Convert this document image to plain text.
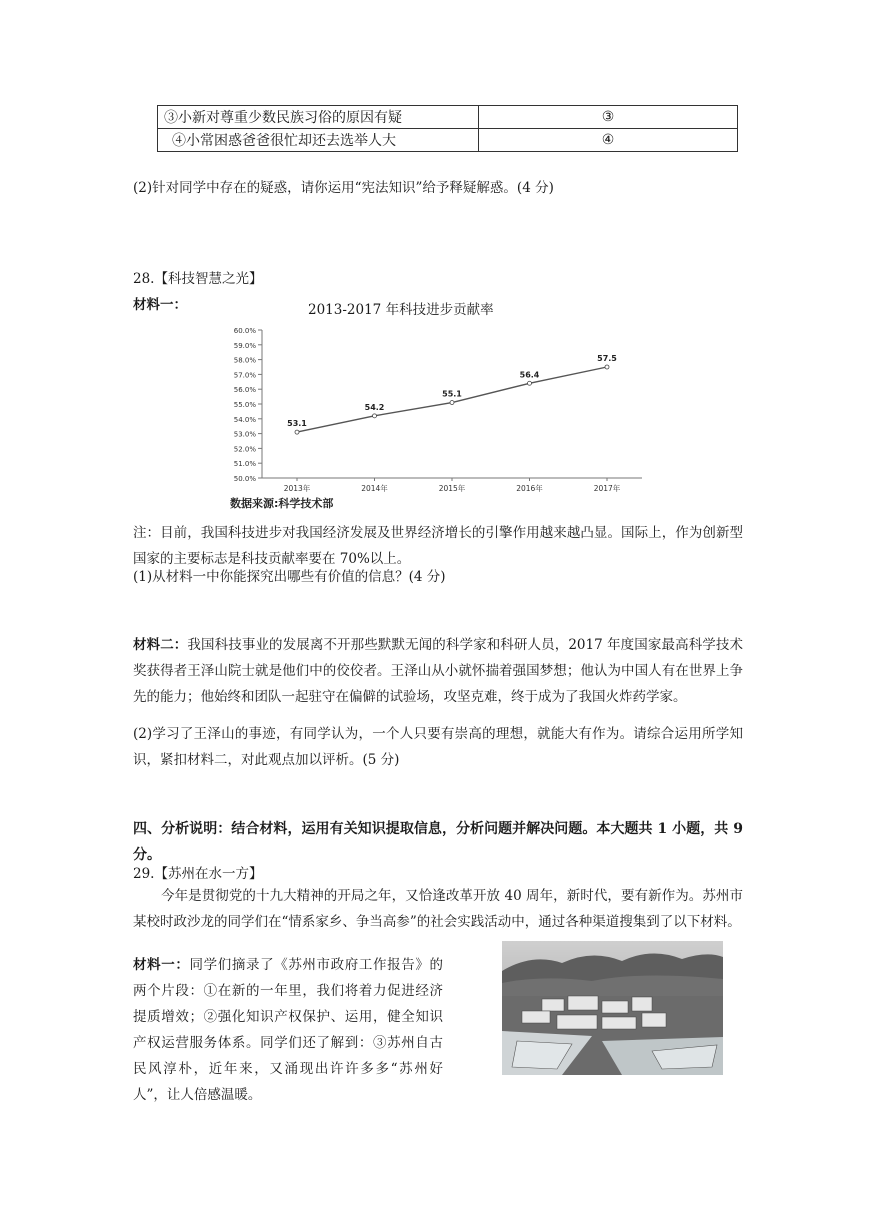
③小新对尊重少数民族习俗的原因有疑	③
④小常困惑爸爸很忙却还去选举人大	④
(2)针对同学中存在的疑惑，请你运用“宪法知识”给予释疑解惑。(4 分)
28.【科技智慧之光】
材料一：	2013-2017 年科技进步贡献率
50.0%
51.0%
52.0%
53.0%
54.0%
55.0%
56.0%
57.0%
58.0%
59.0%
60.0%
2013年	2014年	2015年	2016年	2017年
53.1
54.2
55.1
56.4
57.5
数据来源:科学技术部
注：目前，我国科技进步对我国经济发展及世界经济增长的引擎作用越来越凸显。国际上，作为创新型国家的主要标志是科技贡献率要在 70%以上。
(1)从材料一中你能探究出哪些有价值的信息？(4 分)
材料二：我国科技事业的发展离不开那些默默无闻的科学家和科研人员，2017 年度国家最高科学技术奖获得者王泽山院士就是他们中的佼佼者。王泽山从小就怀揣着强国梦想；他认为中国人有在世界上争先的能力；他始终和团队一起驻守在偏僻的试验场，攻坚克难，终于成为了我国火炸药学家。
(2)学习了王泽山的事迹，有同学认为，一个人只要有崇高的理想，就能大有作为。请综合运用所学知识，紧扣材料二，对此观点加以评析。(5 分)
四、分析说明：结合材料，运用有关知识提取信息，分析问题并解决问题。本大题共 1 小题，共 9 分。
29.【苏州在水一方】
今年是贯彻党的十九大精神的开局之年，又恰逢改革开放 40 周年，新时代，要有新作为。苏州市某校时政沙龙的同学们在“情系家乡、争当高参”的社会实践活动中，通过各种渠道搜集到了以下材料。
材料一：同学们摘录了《苏州市政府工作报告》的两个片段：①在新的一年里，我们将着力促进经济提质增效；②强化知识产权保护、运用，健全知识产权运营服务体系。同学们还了解到：③苏州自古民风淳朴，近年来，又涌现出许许多多“苏州好人”，让人倍感温暖。
